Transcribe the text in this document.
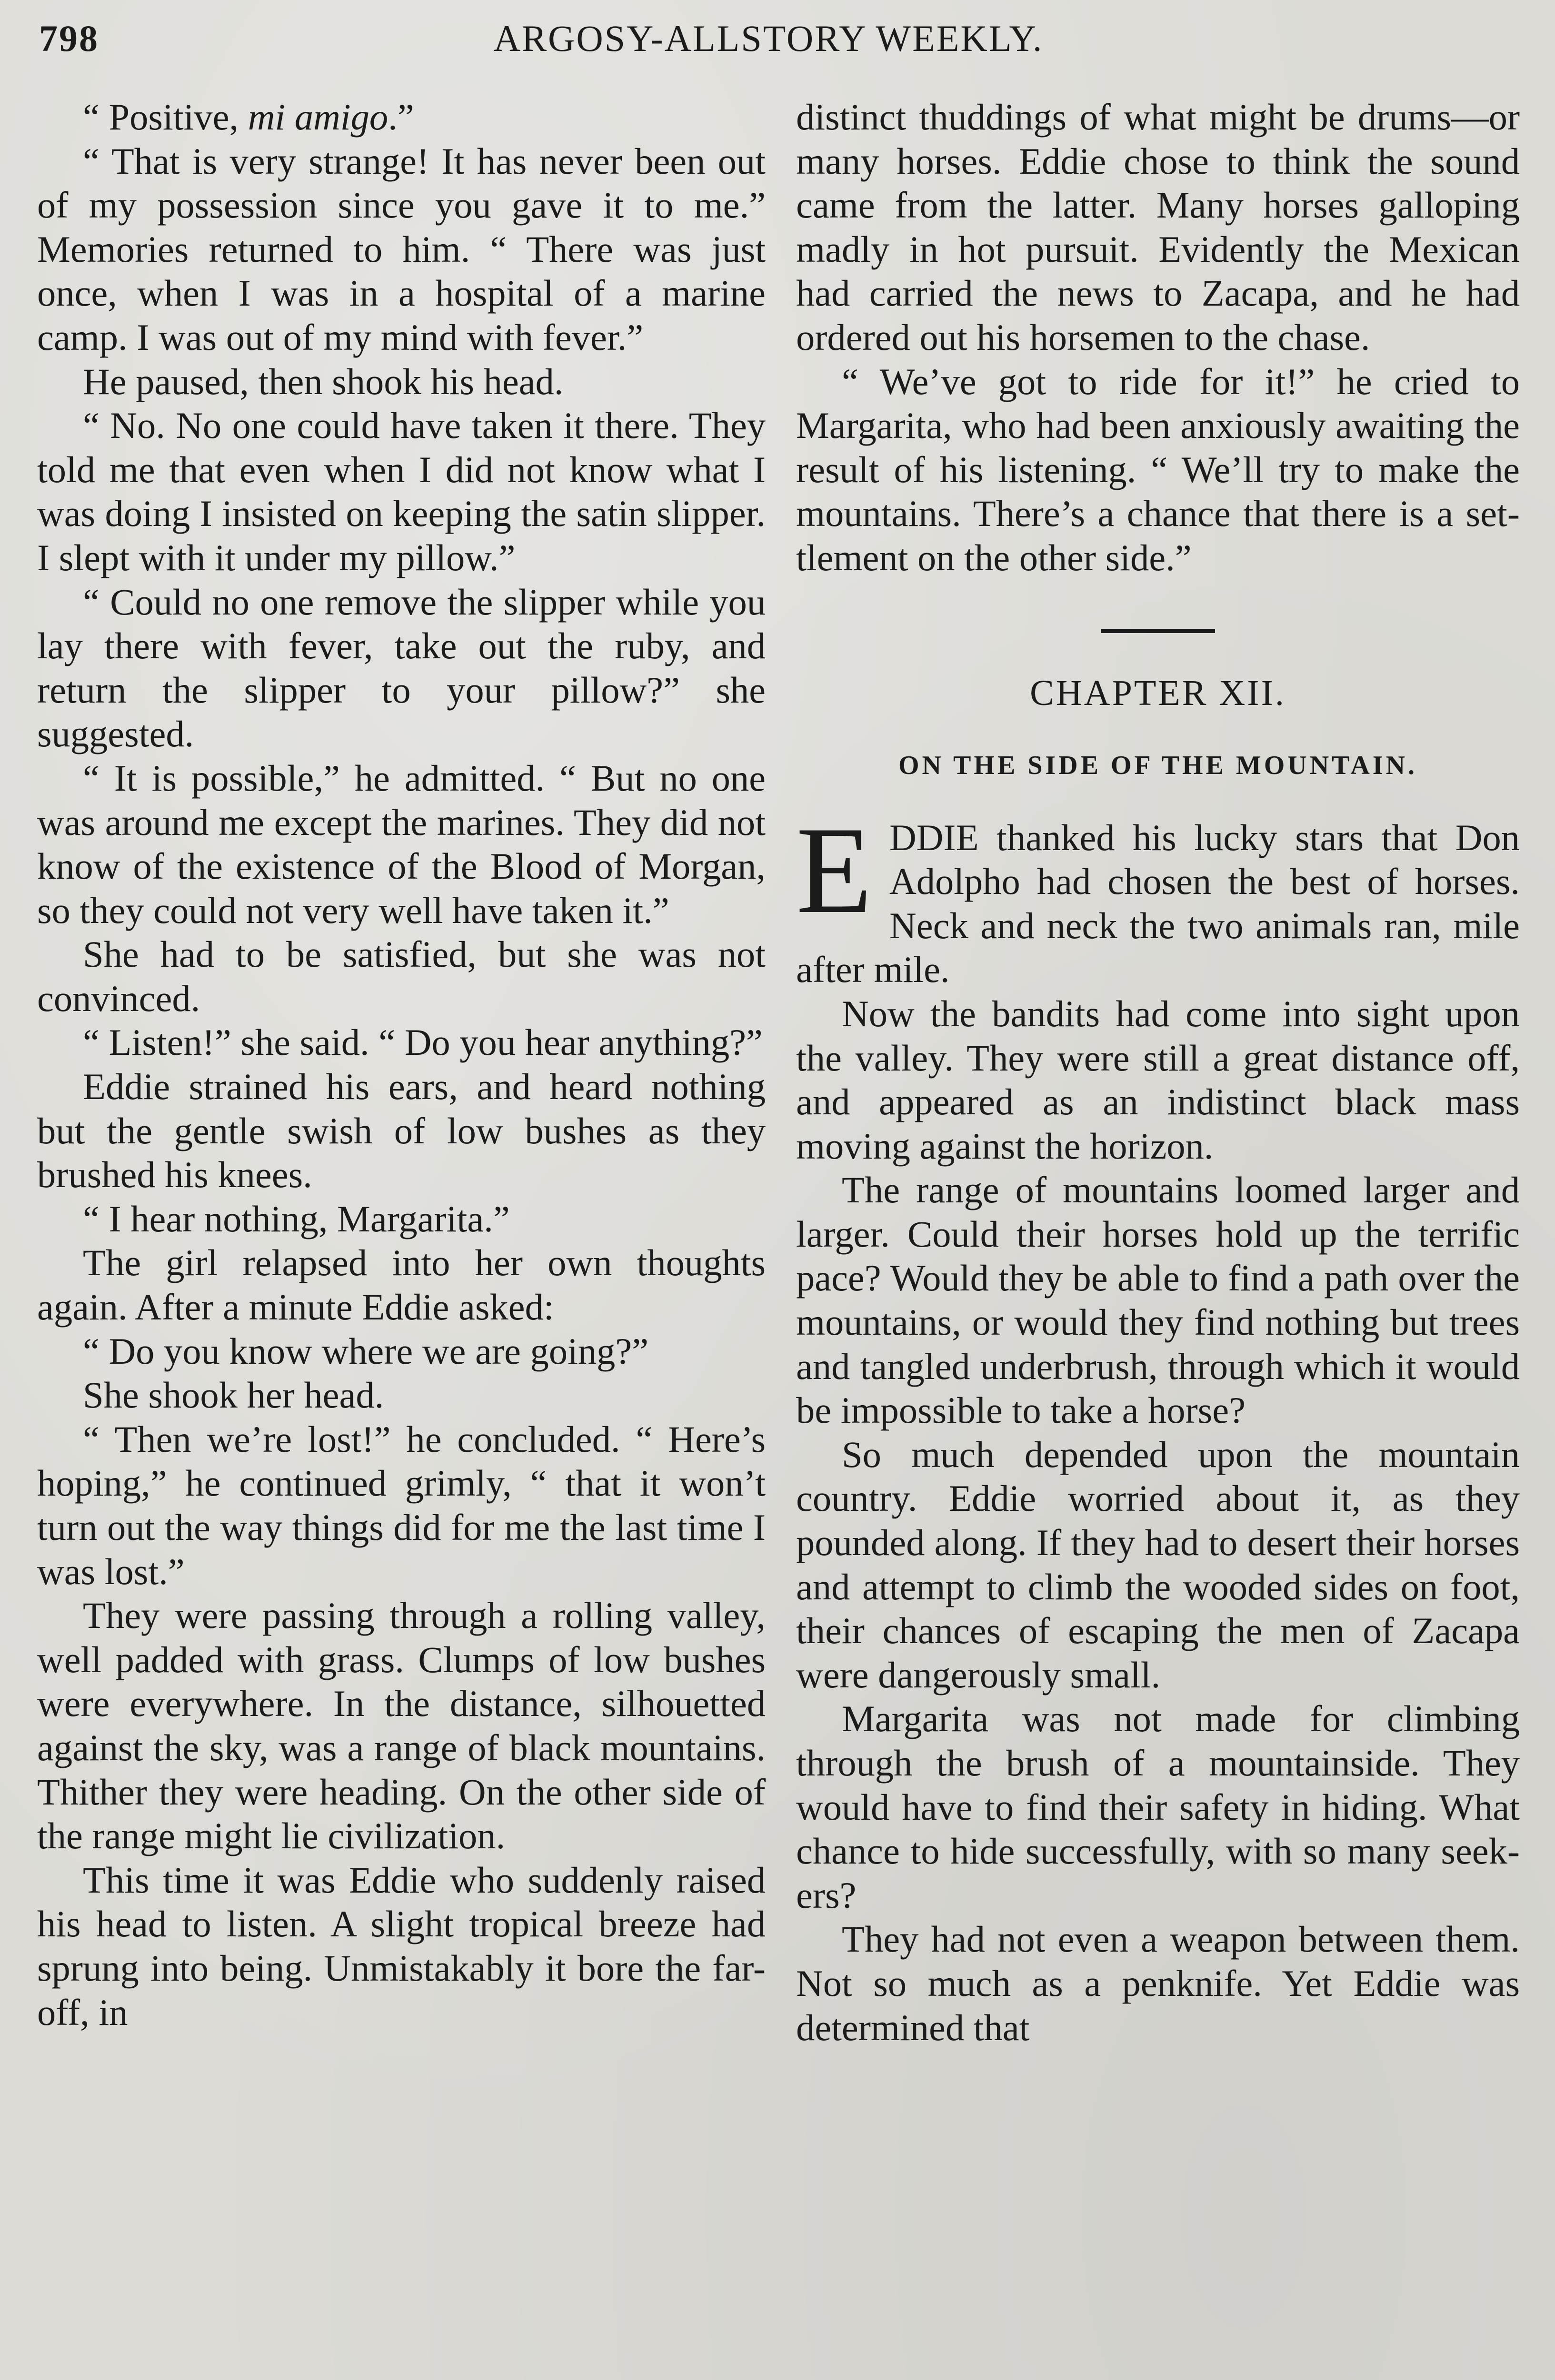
798	ARGOSY-ALLSTORY WEEKLY.

“ Positive, mi amigo.”

“ That is very strange! It has never been out of my possession since you gave it to me.” Memories returned to him. “ There was just once, when I was in a hospital of a marine camp. I was out of my mind with fever.”

He paused, then shook his head.

“ No. No one could have taken it there. They told me that even when I did not know what I was doing I insisted on keeping the satin slipper. I slept with it under my pillow.”

“ Could no one remove the slipper while you lay there with fever, take out the ruby, and return the slipper to your pillow?” she suggested.

“ It is possible,” he admitted. “ But no one was around me except the marines. They did not know of the existence of the Blood of Morgan, so they could not very well have taken it.”

She had to be satisfied, but she was not convinced.

“ Listen!” she said. “ Do you hear anything?”

Eddie strained his ears, and heard nothing but the gentle swish of low bushes as they brushed his knees.

“ I hear nothing, Margarita.”

The girl relapsed into her own thoughts again. After a minute Eddie asked:

“ Do you know where we are going?”

She shook her head.

“ Then we’re lost!” he concluded. “ Here’s hoping,” he continued grimly, “ that it won’t turn out the way things did for me the last time I was lost.”

They were passing through a rolling valley, well padded with grass. Clumps of low bushes were everywhere. In the distance, silhouetted against the sky, was a range of black mountains. Thither they were heading. On the other side of the range might lie civilization.

This time it was Eddie who suddenly raised his head to listen. A slight tropical breeze had sprung into being. Unmistakably it bore the far-off, in

distinct thuddings of what might be drums—or many horses. Eddie chose to think the sound came from the latter. Many horses galloping madly in hot pursuit. Evidently the Mexican had carried the news to Zacapa, and he had ordered out his horsemen to the chase.

“ We’ve got to ride for it!” he cried to Margarita, who had been anxiously awaiting the result of his listening. “ We’ll try to make the mountains. There’s a chance that there is a settlement on the other side.”

CHAPTER XII.
ON THE SIDE OF THE MOUNTAIN.

EDDIE thanked his lucky stars that Don Adolpho had chosen the best of horses. Neck and neck the two animals ran, mile after mile.

Now the bandits had come into sight upon the valley. They were still a great distance off, and appeared as an indistinct black mass moving against the horizon.

The range of mountains loomed larger and larger. Could their horses hold up the terrific pace? Would they be able to find a path over the mountains, or would they find nothing but trees and tangled underbrush, through which it would be impossible to take a horse?

So much depended upon the mountain country. Eddie worried about it, as they pounded along. If they had to desert their horses and attempt to climb the wooded sides on foot, their chances of escaping the men of Zacapa were dangerously small.

Margarita was not made for climbing through the brush of a mountainside. They would have to find their safety in hiding. What chance to hide successfully, with so many seekers?

They had not even a weapon between them. Not so much as a penknife. Yet Eddie was determined that
